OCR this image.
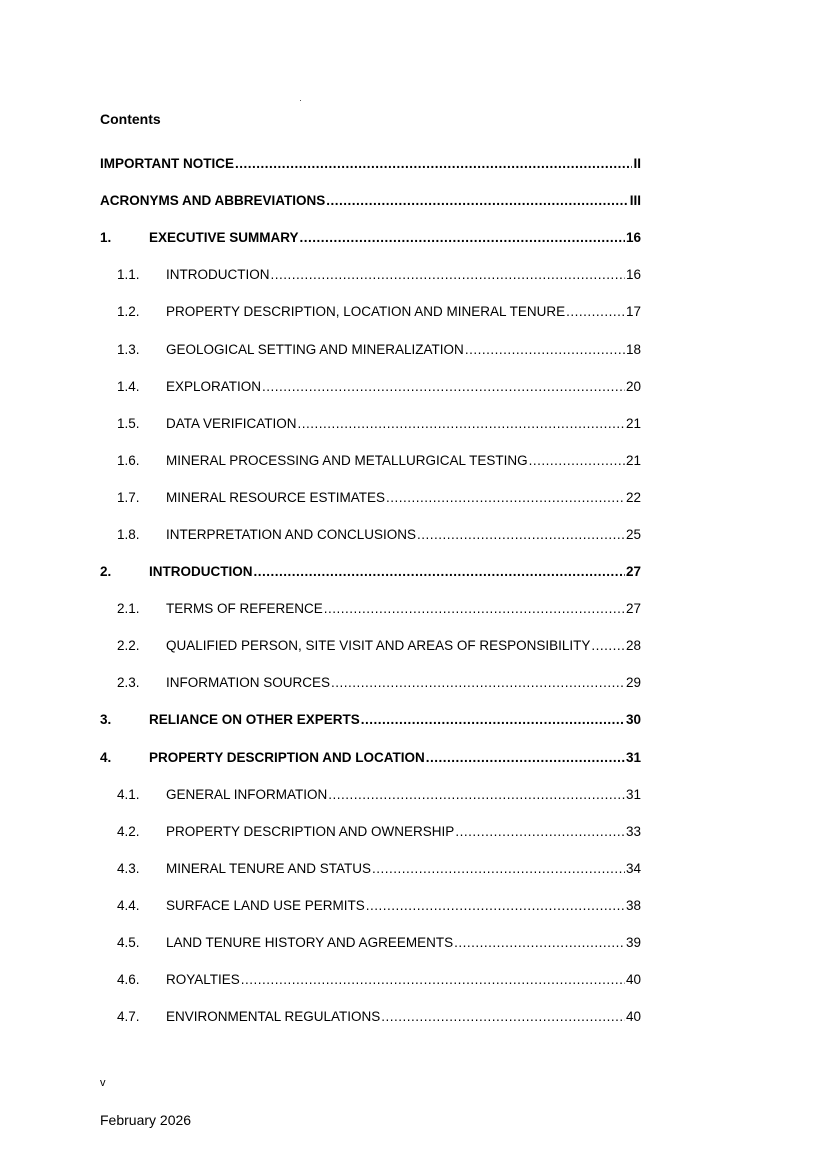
Contents
IMPORTANT NOTICE .....	II
ACRONYMS AND ABBREVIATIONS .....	III
1.	EXECUTIVE SUMMARY .....	16
1.1.	INTRODUCTION .....	16
1.2.	PROPERTY DESCRIPTION, LOCATION AND MINERAL TENURE .....	17
1.3.	GEOLOGICAL SETTING AND MINERALIZATION .....	18
1.4.	EXPLORATION .....	20
1.5.	DATA VERIFICATION .....	21
1.6.	MINERAL PROCESSING AND METALLURGICAL TESTING .....	21
1.7.	MINERAL RESOURCE ESTIMATES .....	22
1.8.	INTERPRETATION AND CONCLUSIONS .....	25
2.	INTRODUCTION .....	27
2.1.	TERMS OF REFERENCE .....	27
2.2.	QUALIFIED PERSON, SITE VISIT AND AREAS OF RESPONSIBILITY .....	28
2.3.	INFORMATION SOURCES .....	29
3.	RELIANCE ON OTHER EXPERTS .....	30
4.	PROPERTY DESCRIPTION AND LOCATION .....	31
4.1.	GENERAL INFORMATION .....	31
4.2.	PROPERTY DESCRIPTION AND OWNERSHIP .....	33
4.3.	MINERAL TENURE AND STATUS .....	34
4.4.	SURFACE LAND USE PERMITS .....	38
4.5.	LAND TENURE HISTORY AND AGREEMENTS .....	39
4.6.	ROYALTIES .....	40
4.7.	ENVIRONMENTAL REGULATIONS .....	40
v
February 2026
